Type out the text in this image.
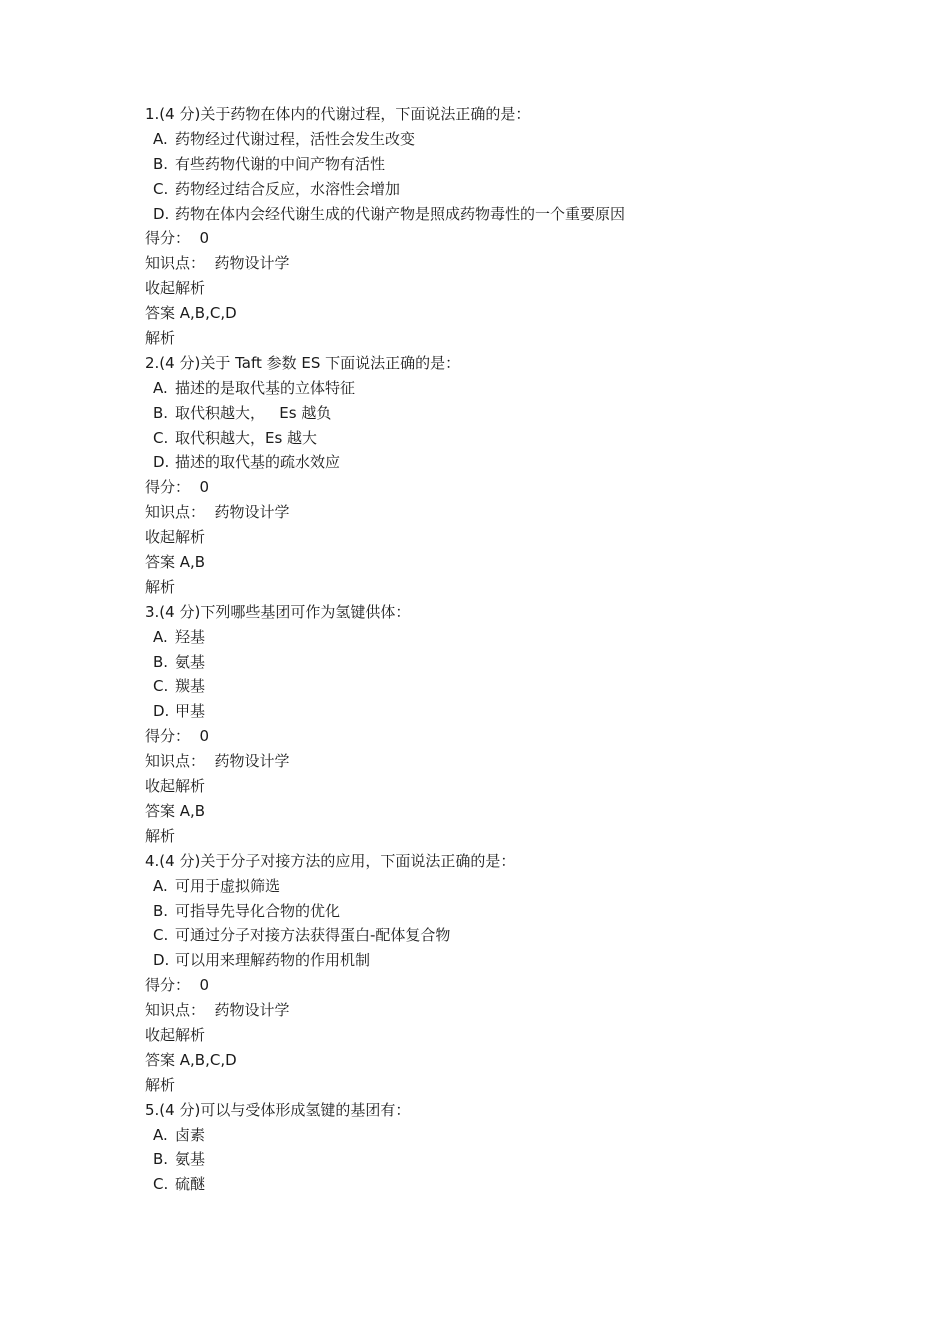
1.(4 分)关于药物在体内的代谢过程，下面说法正确的是：
A. 药物经过代谢过程，活性会发生改变
B. 有些药物代谢的中间产物有活性
C. 药物经过结合反应，水溶性会增加
D. 药物在体内会经代谢生成的代谢产物是照成药物毒性的一个重要原因
得分：  0
知识点：  药物设计学
收起解析
答案 A,B,C,D
解析
2.(4 分)关于 Taft 参数 ES 下面说法正确的是：
A. 描述的是取代基的立体特征
B. 取代积越大，   Es 越负
C. 取代积越大，Es 越大
D. 描述的取代基的疏水效应
得分：  0
知识点：  药物设计学
收起解析
答案 A,B
解析
3.(4 分)下列哪些基团可作为氢键供体：
A. 羟基
B. 氨基
C. 羰基
D. 甲基
得分：  0
知识点：  药物设计学
收起解析
答案 A,B
解析
4.(4 分)关于分子对接方法的应用，下面说法正确的是：
A. 可用于虚拟筛选
B. 可指导先导化合物的优化
C. 可通过分子对接方法获得蛋白-配体复合物
D. 可以用来理解药物的作用机制
得分：  0
知识点：  药物设计学
收起解析
答案 A,B,C,D
解析
5.(4 分)可以与受体形成氢键的基团有：
A. 卤素
B. 氨基
C. 硫醚
